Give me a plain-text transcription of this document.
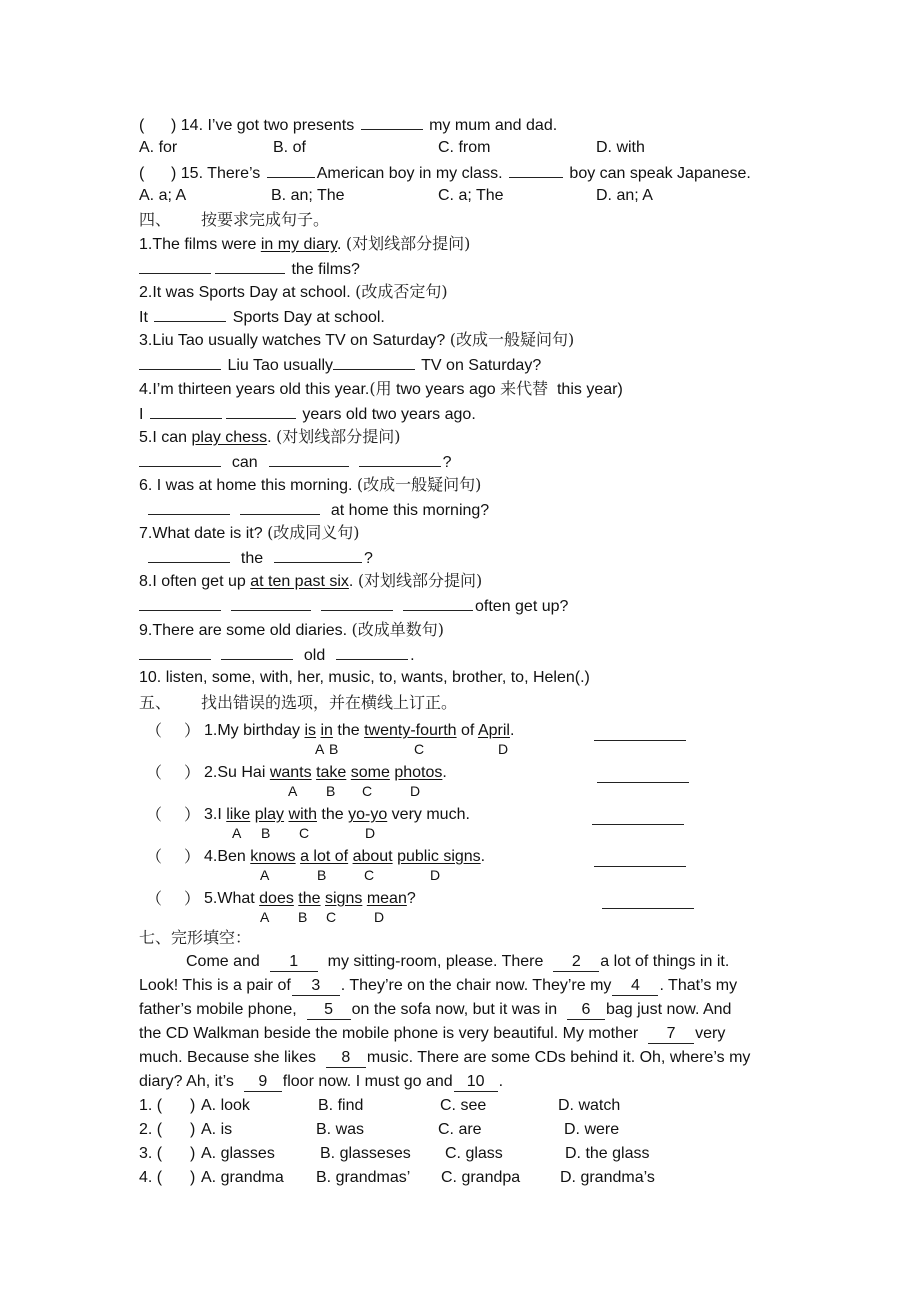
(      ) 14. I’ve got two presents	my mum and dad.
A. for	B. of	C. from	D. with
(      ) 15. There’s	American boy in my class.	boy can speak Japanese.
A. a; A	B. an; The	C. a; The	D. an; A
四、 按要求完成句子。
1.The films were in my diary. (对划线部分提问)
the films?
2.It was Sports Day at school. (改成否定句)
It	Sports Day at school.
3.Liu Tao usually watches TV on Saturday? (改成一般疑问句)
Liu Tao usually	TV on Saturday?
4.I’m thirteen years old this year.(用 two years ago 来代替  this year)
I	years old two years ago.
5.I can play chess. (对划线部分提问)
can	?
6. I was at home this morning. (改成一般疑问句)
at home this morning?
7.What date is it? (改成同义句)
the	?
8.I often get up at ten past six. (对划线部分提问)
often get up?
9.There are some old diaries. (改成单数句)
old	.
10. listen, some, with, her, music, to, wants, brother, to, Helen(.)
五、 找出错误的选项，并在横线上订正。
（ ） 1.My birthday is in the twenty-fourth of April.
A B	C	D
（ ） 2.Su Hai wants take some photos.
A B C	D
（ ） 3.I like play with the yo-yo very much.
A B C	D
（ ） 4.Ben knows a lot of about public signs.
A	B	C	D
（ ） 5.What does the signs mean?
A B C	D
七、完形填空：
Come and  1  my sitting-room, please. There  2 a lot of things in it.
Look! This is a pair of 3 . They’re on the chair now. They’re my 4 . That’s my
father’s mobile phone,  5 on the sofa now, but it was in  6 bag just now. And
the CD Walkman beside the mobile phone is very beautiful. My mother  7 very
much. Because she likes  8 music. There are some CDs behind it. Oh, where’s my
diary? Ah, it’s  9 floor now. I must go and 10 .
1. ( ) A. look	B. find	C. see	D. watch
2. ( ) A. is	B. was	C. are	D. were
3. ( ) A. glasses	B. glasseses C. glass	D. the glass
4. ( ) A. grandma B. grandmas’ C. grandpa D. grandma’s
